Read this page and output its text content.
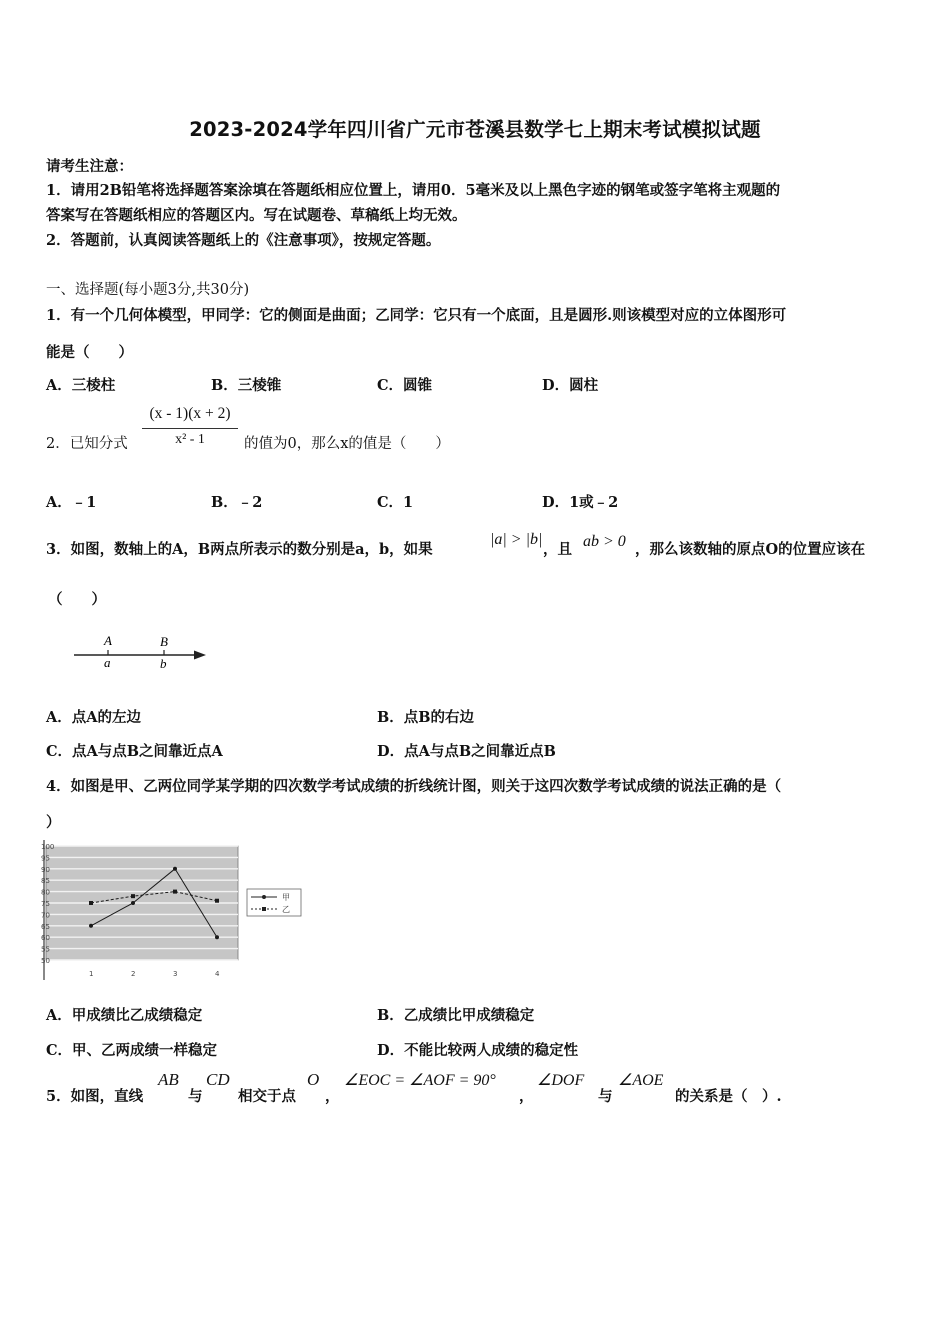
2023-2024学年四川省广元市苍溪县数学七上期末考试模拟试题
请考生注意：
1．请用2B铅笔将选择题答案涂填在答题纸相应位置上，请用0．5毫米及以上黑色字迹的钢笔或签字笔将主观题的
答案写在答题纸相应的答题区内。写在试题卷、草稿纸上均无效。
2．答题前，认真阅读答题纸上的《注意事项》，按规定答题。
一、选择题(每小题3分,共30分)
1．有一个几何体模型，甲同学：它的侧面是曲面；乙同学：它只有一个底面，且是圆形.则该模型对应的立体图形可
能是（　　）
A．三棱柱	B．三棱锥	C．圆锥	D．圆柱
2．已知分式
(x - 1)(x + 2)
x² - 1	的值为0，那么x的值是（　　）
A．﹣1	B．﹣2	C．1	D．1或﹣2
3．如图，数轴上的A，B两点所表示的数分别是a，b，如果
|a| > |b|
，且 ab > 0 ，那么该数轴的原点O的位置应该在
（　　）
A	B
a	b
A．点A的左边	B．点B的右边
C．点A与点B之间靠近点A	D．点A与点B之间靠近点B
4．如图是甲、乙两位同学某学期的四次数学考试成绩的折线统计图，则关于这四次数学考试成绩的说法正确的是（
）
100
95
90
85
80
75
70
65
60
55
50
1	2	3	4
甲
乙
A．甲成绩比乙成绩稳定	B．乙成绩比甲成绩稳定
C．甲、乙两成绩一样稳定	D．不能比较两人成绩的稳定性
5．如图，直线
AB
与
CD
相交于点
O
，
∠EOC = ∠AOF = 90°
，
∠DOF
与
∠AOE
的关系是（　）.
